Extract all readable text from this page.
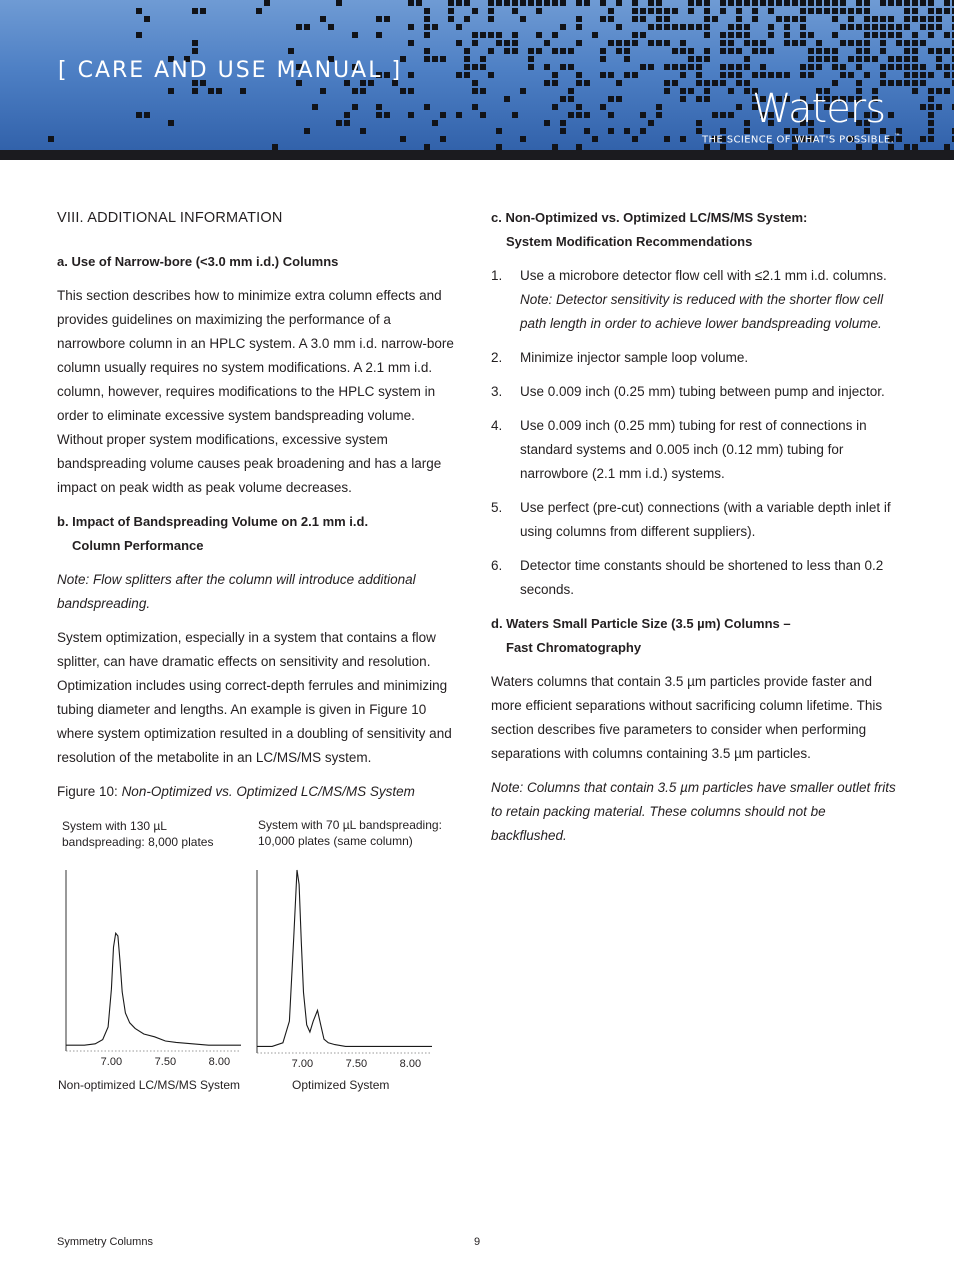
[ CARE AND USE MANUAL ]
Waters
THE SCIENCE OF WHAT'S POSSIBLE.™
VIII. ADDITIONAL INFORMATION
a. Use of Narrow-bore (<3.0 mm i.d.) Columns

This section describes how to minimize extra column effects and provides guidelines on maximizing the performance of a narrowbore column in an HPLC system. A 3.0 mm i.d. narrow-bore column usually requires no system modifications. A 2.1 mm i.d. column, however, requires modifications to the HPLC system in order to eliminate excessive system bandspreading volume. Without proper system modifications, excessive system bandspreading volume causes peak broadening and has a large impact on peak width as peak volume decreases.

b. Impact of Bandspreading Volume on 2.1 mm i.d.
Column Performance

Note: Flow splitters after the column will introduce additional bandspreading.

System optimization, especially in a system that contains a flow splitter, can have dramatic effects on sensitivity and resolution. Optimization includes using correct-depth ferrules and minimizing tubing diameter and lengths. An example is given in Figure 10 where system optimization resulted in a doubling of sensitivity and resolution of the metabolite in an LC/MS/MS system.

Figure 10: Non-Optimized vs. Optimized LC/MS/MS System

System with 130 µL
bandspreading: 8,000 plates
System with 70 µL bandspreading:
10,000 plates (same column)
7.00	7.50	8.00	7.00	7.50	8.00
Non-optimized LC/MS/MS System	Optimized System
c. Non-Optimized vs. Optimized LC/MS/MS System:
System Modification Recommendations
1. Use a microbore detector flow cell with ≤2.1 mm i.d. columns.
Note: Detector sensitivity is reduced with the shorter flow cell path length in order to achieve lower bandspreading volume.
2. Minimize injector sample loop volume.
3. Use 0.009 inch (0.25 mm) tubing between pump and injector.
4. Use 0.009 inch (0.25 mm) tubing for rest of connections in standard systems and 0.005 inch (0.12 mm) tubing for narrowbore (2.1 mm i.d.) systems.
5. Use perfect (pre-cut) connections (with a variable depth inlet if using columns from different suppliers).
6. Detector time constants should be shortened to less than 0.2 seconds.
d. Waters Small Particle Size (3.5 µm) Columns –
Fast Chromatography

Waters columns that contain 3.5 µm particles provide faster and more efficient separations without sacrificing column lifetime. This section describes five parameters to consider when performing separations with columns containing 3.5 µm particles.

Note: Columns that contain 3.5 µm particles have smaller outlet frits to retain packing material. These columns should not be backflushed.

Symmetry Columns	9
